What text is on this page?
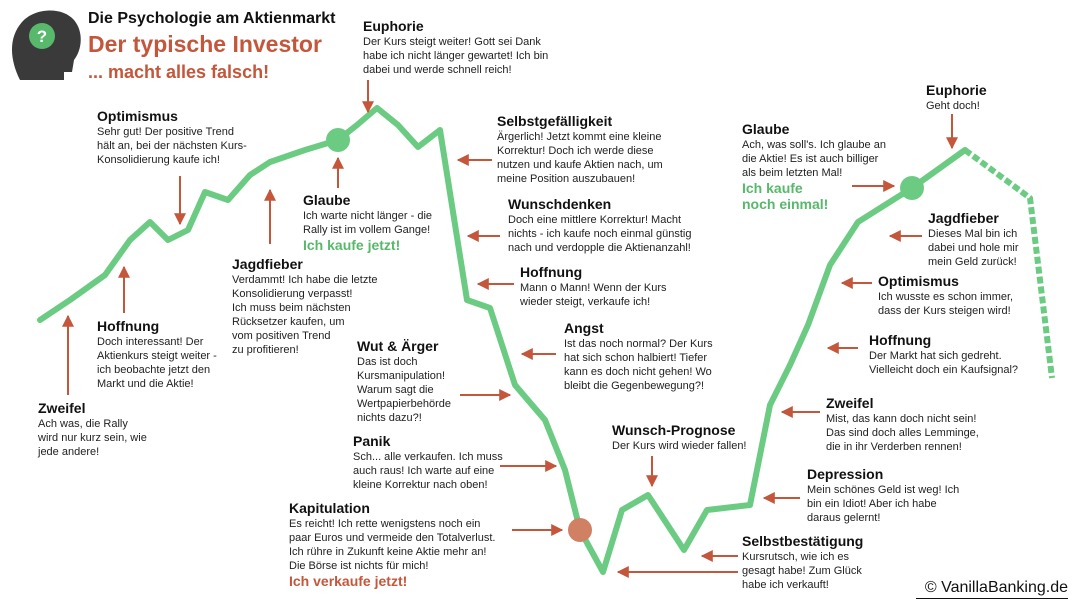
?
Die Psychologie am Aktienmarkt
Der typische Investor
... macht alles falsch!
Zweifel
Ach was, die Rally
wird nur kurz sein, wie
jede andere!
Hoffnung
Doch interessant! Der
Aktienkurs steigt weiter -
ich beobachte jetzt den
Markt und die Aktie!
Optimismus
Sehr gut! Der positive Trend
hält an, bei der nächsten Kurs-
Konsolidierung kaufe ich!
Jagdfieber
Verdammt! Ich habe die letzte
Konsolidierung verpasst!
Ich muss beim nächsten
Rücksetzer kaufen, um
vom positiven Trend
zu profitieren!
Glaube
Ich warte nicht länger - die
Rally ist im vollem Gange!
Ich kaufe jetzt!
Euphorie
Der Kurs steigt weiter! Gott sei Dank
habe ich nicht länger gewartet! Ich bin
dabei und werde schnell reich!
Selbstgefälligkeit
Ärgerlich! Jetzt kommt eine kleine
Korrektur! Doch ich werde diese
nutzen und kaufe Aktien nach, um
meine Position auszubauen!
Wunschdenken
Doch eine mittlere Korrektur! Macht
nichts - ich kaufe noch einmal günstig
nach und verdopple die Aktienanzahl!
Hoffnung
Mann o Mann! Wenn der Kurs
wieder steigt, verkaufe ich!
Angst
Ist das noch normal? Der Kurs
hat sich schon halbiert! Tiefer
kann es doch nicht gehen! Wo
bleibt die Gegenbewegung?!
Wut & Ärger
Das ist doch
Kursmanipulation!
Warum sagt die
Wertpapierbehörde
nichts dazu?!
Panik
Sch... alle verkaufen. Ich muss
auch raus! Ich warte auf eine
kleine Korrektur nach oben!
Kapitulation
Es reicht! Ich rette wenigstens noch ein
paar Euros und vermeide den Totalverlust.
Ich rühre in Zukunft keine Aktie mehr an!
Die Börse ist nichts für mich!
Ich verkaufe jetzt!
Wunsch-Prognose
Der Kurs wird wieder fallen!
Selbstbestätigung
Kursrutsch, wie ich es
gesagt habe! Zum Glück
habe ich verkauft!
Depression
Mein schönes Geld ist weg! Ich
bin ein Idiot! Aber ich habe
daraus gelernt!
Zweifel
Mist, das kann doch nicht sein!
Das sind doch alles Lemminge,
die in ihr Verderben rennen!
Hoffnung
Der Markt hat sich gedreht.
Vielleicht doch ein Kaufsignal?
Optimismus
Ich wusste es schon immer,
dass der Kurs steigen wird!
Jagdfieber
Dieses Mal bin ich
dabei und hole mir
mein Geld zurück!
Glaube
Ach, was soll's. Ich glaube an
die Aktie! Es ist auch billiger
als beim letzten Mal!
Ich kaufe
noch einmal!
Euphorie
Geht doch!
© VanillaBanking.de
